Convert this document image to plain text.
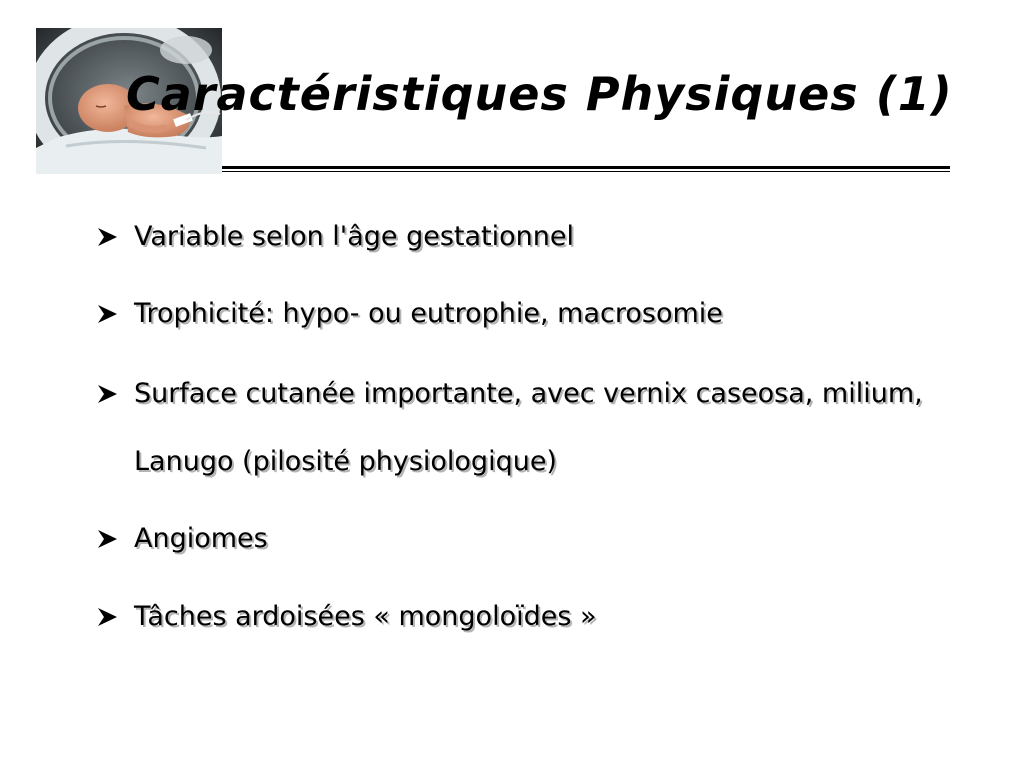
Caractéristiques Physiques (1)
Variable selon l'âge gestationnel
Trophicité: hypo- ou eutrophie, macrosomie
Surface cutanée importante, avec vernix caseosa, milium, Lanugo (pilosité physiologique)
Angiomes
Tâches ardoisées « mongoloïdes »
